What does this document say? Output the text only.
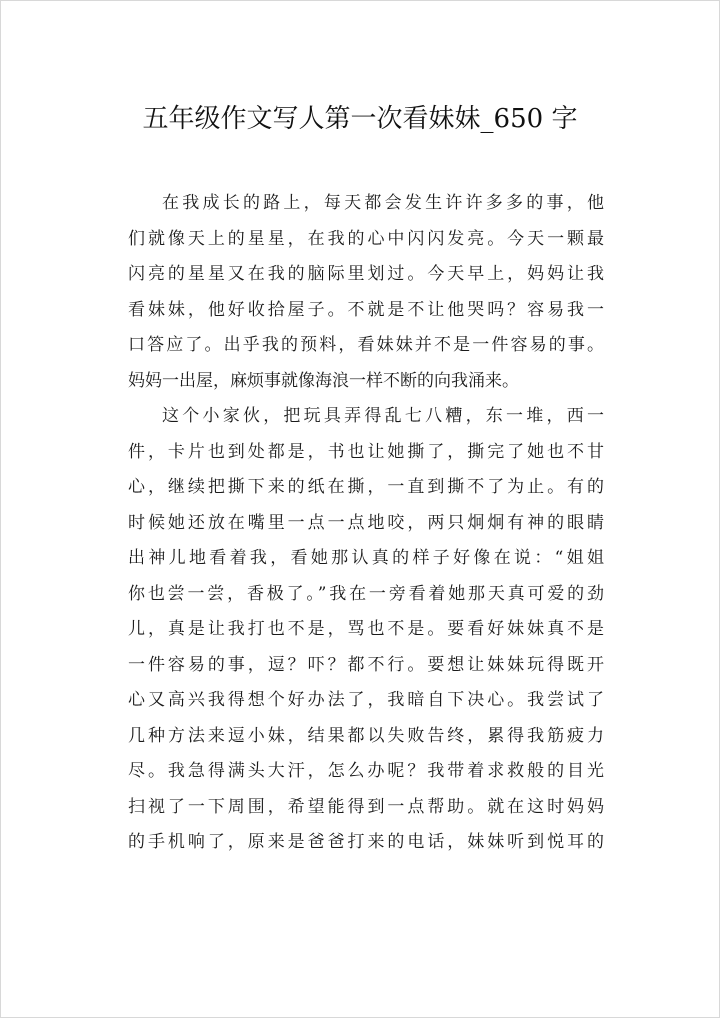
五年级作文写人第一次看妹妹_650 字
在我成长的路上，每天都会发生许许多多的事，他
们就像天上的星星，在我的心中闪闪发亮。今天一颗最
闪亮的星星又在我的脑际里划过。今天早上，妈妈让我
看妹妹，他好收拾屋子。不就是不让他哭吗？容易我一
口答应了。出乎我的预料，看妹妹并不是一件容易的事。
妈妈一出屋，麻烦事就像海浪一样不断的向我涌来。
这个小家伙，把玩具弄得乱七八糟，东一堆，西一
件，卡片也到处都是，书也让她撕了，撕完了她也不甘
心，继续把撕下来的纸在撕，一直到撕不了为止。有的
时候她还放在嘴里一点一点地咬，两只炯炯有神的眼睛
出神儿地看着我，看她那认真的样子好像在说：“姐姐
你也尝一尝，香极了。”我在一旁看着她那天真可爱的劲
儿，真是让我打也不是，骂也不是。要看好妹妹真不是
一件容易的事，逗？吓？都不行。要想让妹妹玩得既开
心又高兴我得想个好办法了，我暗自下决心。我尝试了
几种方法来逗小妹，结果都以失败告终，累得我筋疲力
尽。我急得满头大汗，怎么办呢？我带着求救般的目光
扫视了一下周围，希望能得到一点帮助。就在这时妈妈
的手机响了，原来是爸爸打来的电话，妹妹听到悦耳的
